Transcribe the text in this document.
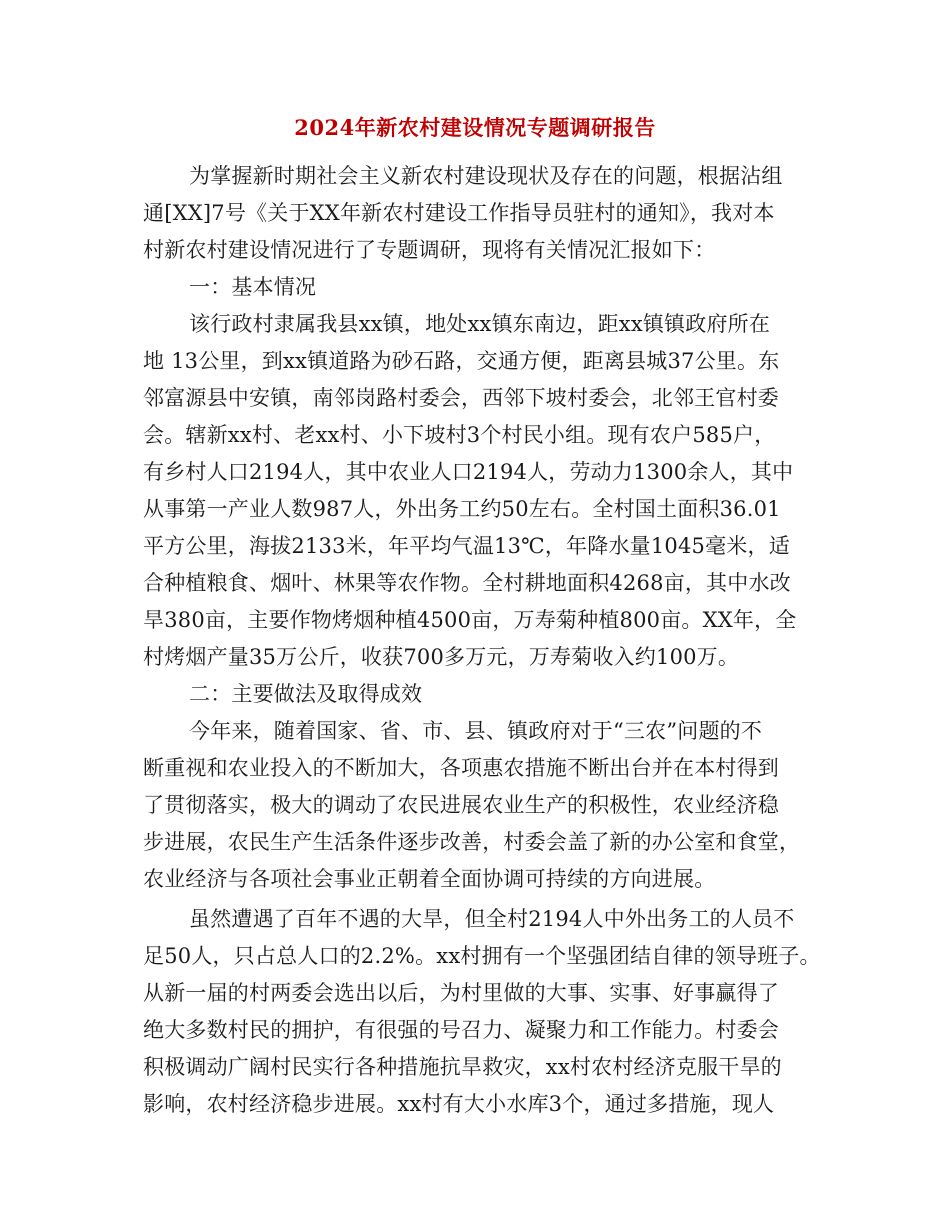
2024年新农村建设情况专题调研报告
为掌握新时期社会主义新农村建设现状及存在的问题，根据沾组
通[XX]7号《关于XX年新农村建设工作指导员驻村的通知》，我对本
村新农村建设情况进行了专题调研，现将有关情况汇报如下：
一：基本情况
该行政村隶属我县xx镇，地处xx镇东南边，距xx镇镇政府所在
地 13公里，到xx镇道路为砂石路，交通方便，距离县城37公里。东
邻富源县中安镇，南邻岗路村委会，西邻下坡村委会，北邻王官村委
会。辖新xx村、老xx村、小下坡村3个村民小组。现有农户585户，
有乡村人口2194人，其中农业人口2194人，劳动力1300余人，其中
从事第一产业人数987人，外出务工约50左右。全村国土面积36.01
平方公里，海拔2133米，年平均气温13℃，年降水量1045毫米，适
合种植粮食、烟叶、林果等农作物。全村耕地面积4268亩，其中水改
旱380亩，主要作物烤烟种植4500亩，万寿菊种植800亩。XX年，全
村烤烟产量35万公斤，收获700多万元，万寿菊收入约100万。
二：主要做法及取得成效
今年来，随着国家、省、市、县、镇政府对于“三农”问题的不
断重视和农业投入的不断加大，各项惠农措施不断出台并在本村得到
了贯彻落实，极大的调动了农民进展农业生产的积极性，农业经济稳
步进展，农民生产生活条件逐步改善，村委会盖了新的办公室和食堂，
农业经济与各项社会事业正朝着全面协调可持续的方向进展。
虽然遭遇了百年不遇的大旱，但全村2194人中外出务工的人员不
足50人，只占总人口的2.2%。xx村拥有一个坚强团结自律的领导班子。
从新一届的村两委会选出以后，为村里做的大事、实事、好事赢得了
绝大多数村民的拥护，有很强的号召力、凝聚力和工作能力。村委会
积极调动广阔村民实行各种措施抗旱救灾，xx村农村经济克服干旱的
影响，农村经济稳步进展。xx村有大小水库3个，通过多措施，现人
